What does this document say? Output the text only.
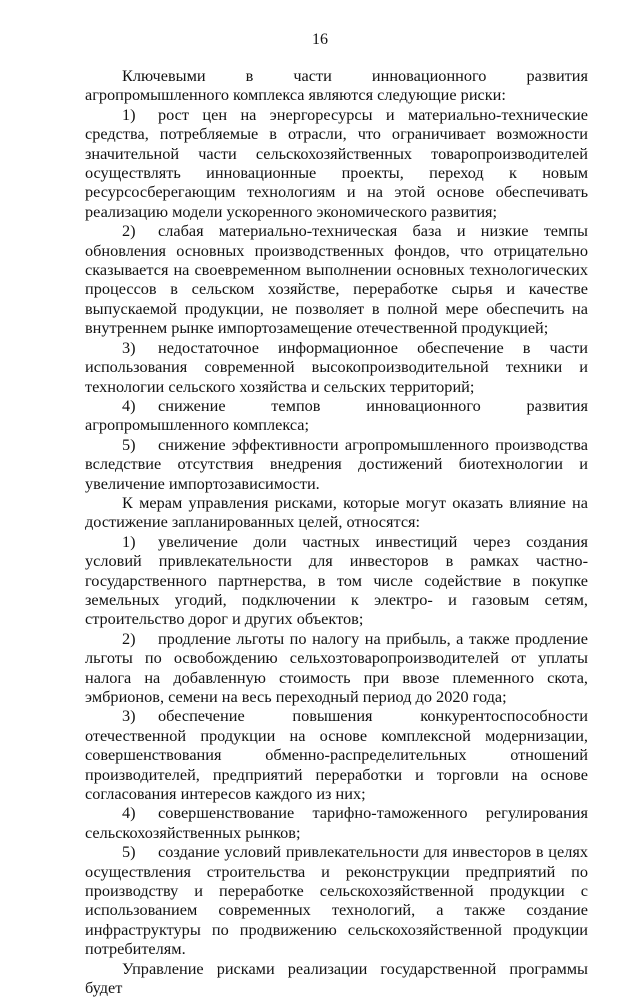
16

Ключевыми в части инновационного развития агропромышленного комплекса являются следующие риски:

1) рост цен на энергоресурсы и материально-технические средства, потребляемые в отрасли, что ограничивает возможности значительной части сельскохозяйственных товаропроизводителей осуществлять инновационные проекты, переход к новым ресурсосберегающим технологиям и на этой основе обеспечивать реализацию модели ускоренного экономического развития;

2) слабая материально-техническая база и низкие темпы обновления основных производственных фондов, что отрицательно сказывается на своевременном выполнении основных технологических процессов в сельском хозяйстве, переработке сырья и качестве выпускаемой продукции, не позволяет в полной мере обеспечить на внутреннем рынке импортозамещение отечественной продукцией;

3) недостаточное информационное обеспечение в части использования современной высокопроизводительной техники и технологии сельского хозяйства и сельских территорий;

4) снижение темпов инновационного развития агропромышленного комплекса;

5) снижение эффективности агропромышленного производства вследствие отсутствия внедрения достижений биотехнологии и увеличение импортозависимости.

К мерам управления рисками, которые могут оказать влияние на достижение запланированных целей, относятся:

1) увеличение доли частных инвестиций через создания условий привлекательности для инвесторов в рамках частно-государственного партнерства, в том числе содействие в покупке земельных угодий, подключении к электро- и газовым сетям, строительство дорог и других объектов;

2) продление льготы по налогу на прибыль, а также продление льготы по освобождению сельхозтоваропроизводителей от уплаты налога на добавленную стоимость при ввозе племенного скота, эмбрионов, семени на весь переходный период до 2020 года;

3) обеспечение повышения конкурентоспособности отечественной продукции на основе комплексной модернизации, совершенствования обменно-распределительных отношений производителей, предприятий переработки и торговли на основе согласования интересов каждого из них;

4) совершенствование тарифно-таможенного регулирования сельскохозяйственных рынков;

5) создание условий привлекательности для инвесторов в целях осуществления строительства и реконструкции предприятий по производству и переработке сельскохозяйственной продукции с использованием современных технологий, а также создание инфраструктуры по продвижению сельскохозяйственной продукции потребителям.

Управление рисками реализации государственной программы будет
